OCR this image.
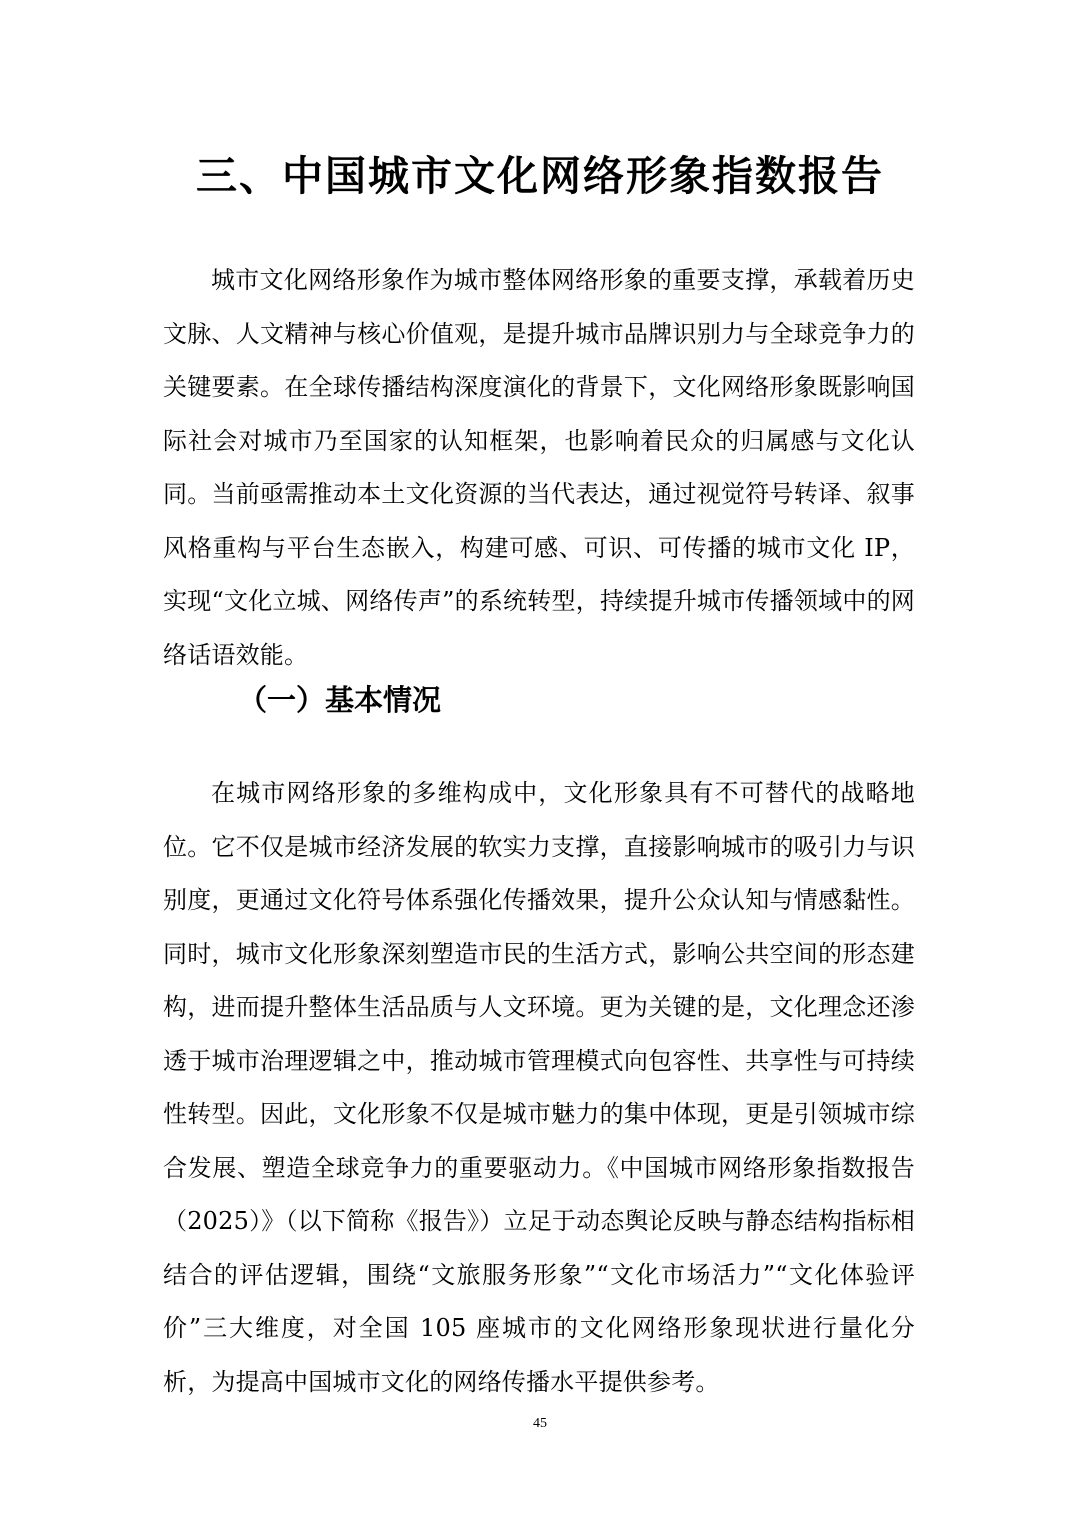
三、中国城市文化网络形象指数报告

城市文化网络形象作为城市整体网络形象的重要支撑，承载着历史文脉、人文精神与核心价值观，是提升城市品牌识别力与全球竞争力的关键要素。在全球传播结构深度演化的背景下，文化网络形象既影响国际社会对城市乃至国家的认知框架，也影响着民众的归属感与文化认同。当前亟需推动本土文化资源的当代表达，通过视觉符号转译、叙事风格重构与平台生态嵌入，构建可感、可识、可传播的城市文化 IP，实现“文化立城、网络传声”的系统转型，持续提升城市传播领域中的网络话语效能。

（一）基本情况

在城市网络形象的多维构成中，文化形象具有不可替代的战略地位。它不仅是城市经济发展的软实力支撑，直接影响城市的吸引力与识别度，更通过文化符号体系强化传播效果，提升公众认知与情感黏性。同时，城市文化形象深刻塑造市民的生活方式，影响公共空间的形态建构，进而提升整体生活品质与人文环境。更为关键的是，文化理念还渗透于城市治理逻辑之中，推动城市管理模式向包容性、共享性与可持续性转型。因此，文化形象不仅是城市魅力的集中体现，更是引领城市综合发展、塑造全球竞争力的重要驱动力。《中国城市网络形象指数报告（2025）》（以下简称《报告》）立足于动态舆论反映与静态结构指标相结合的评估逻辑，围绕“文旅服务形象”“文化市场活力”“文化体验评价”三大维度，对全国 105 座城市的文化网络形象现状进行量化分析，为提高中国城市文化的网络传播水平提供参考。

45
